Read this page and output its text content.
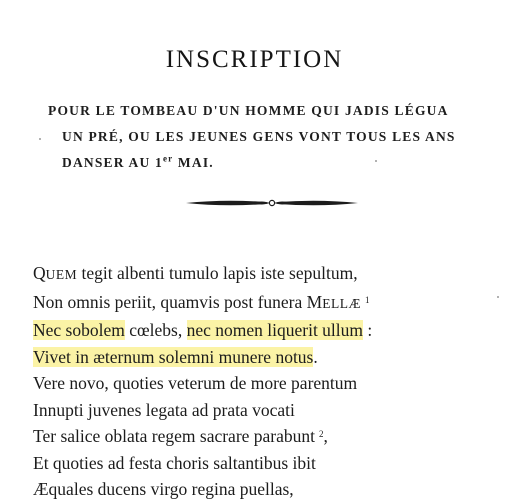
INSCRIPTION
POUR LE TOMBEAU D'UN HOMME QUI JADIS LÉGUA
UN PRÉ, OU LES JEUNES GENS VONT TOUS LES ANS
DANSER AU 1er MAI.
QUEM tegit albenti tumulo lapis iste sepultum,
Non omnis periit, quamvis post funera MELLÆ $^1$
Nec sobolem cœlebs, nec nomen liquerit ullum :
Vivet in æternum solemni munere notus.
Vere novo, quoties veterum de more parentum
Innupti juvenes legata ad prata vocati
Ter salice oblata regem sacrare parabunt $^2$,
Et quoties ad festa choris saltantibus ibit
Æquales ducens virgo regina puellas,
